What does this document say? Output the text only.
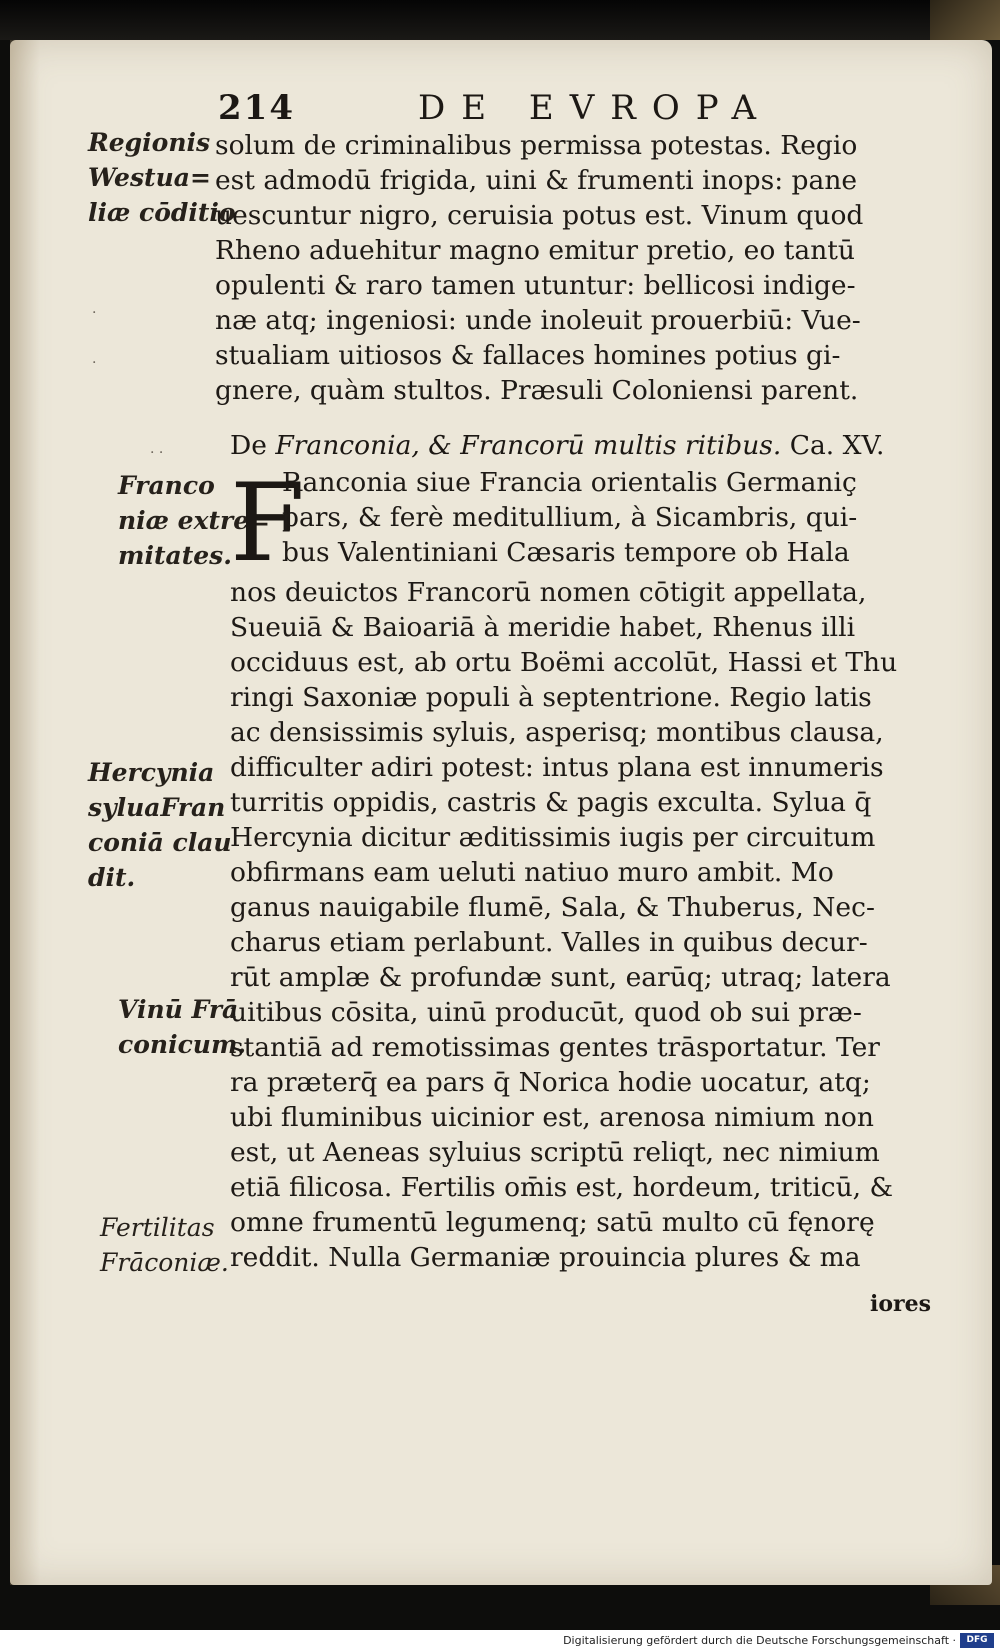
214	DE EVROPA
Regionis
Westua=
liæ cōditio
Franco
niæ extre=
mitates.
Hercynia
syluaFran
coniā clau
dit.
Vinū Frā
conicum.
Fertilitas
Frāconiæ.
·
·
· ·
solum de criminalibus permissa potestas. Regio
est admodū frigida, uini & frumenti inops: pane
uescuntur nigro, ceruisia potus est. Vinum quod
Rheno aduehitur magno emitur pretio, eo tantū
opulenti & raro tamen utuntur: bellicosi indige-
næ atq; ingeniosi: unde inoleuit prouerbiū: Vue-
stualiam uitiosos & fallaces homines potius gi-
gnere, quàm stultos. Præsuli Coloniensi parent.
De Franconia, & Francorū multis ritibus. Ca. XV.
F
Ranconia siue Francia orientalis Germaniç
pars, & ferè meditullium, à Sicambris, qui-
bus Valentiniani Cæsaris tempore ob Hala
nos deuictos Francorū nomen cōtigit appellata,
Sueuiā & Baioariā à meridie habet, Rhenus illi
occiduus est, ab ortu Boëmi accolūt, Hassi et Thu
ringi Saxoniæ populi à septentrione. Regio latis
ac densissimis syluis, asperisq; montibus clausa,
difficulter adiri potest: intus plana est innumeris
turritis oppidis, castris & pagis exculta. Sylua q̄
Hercynia dicitur æditissimis iugis per circuitum
obfirmans eam ueluti natiuo muro ambit. Mo
ganus nauigabile flumē, Sala, & Thuberus, Nec-
charus etiam perlabunt. Valles in quibus decur-
rūt amplæ & profundæ sunt, earūq; utraq; latera
uitibus cōsita, uinū producūt, quod ob sui præ-
stantiā ad remotissimas gentes trāsportatur. Ter
ra præterq̄ ea pars q̄ Norica hodie uocatur, atq;
ubi fluminibus uicinior est, arenosa nimium non
est, ut Aeneas syluius scriptū reliqt, nec nimium
etiā filicosa. Fertilis om̄is est, hordeum, triticū, &
omne frumentū legumenq; satū multo cū fęnorę
reddit. Nulla Germaniæ prouincia plures & ma
iores
Digitalisierung gefördert durch die Deutsche Forschungsgemeinschaft ·	DFG
